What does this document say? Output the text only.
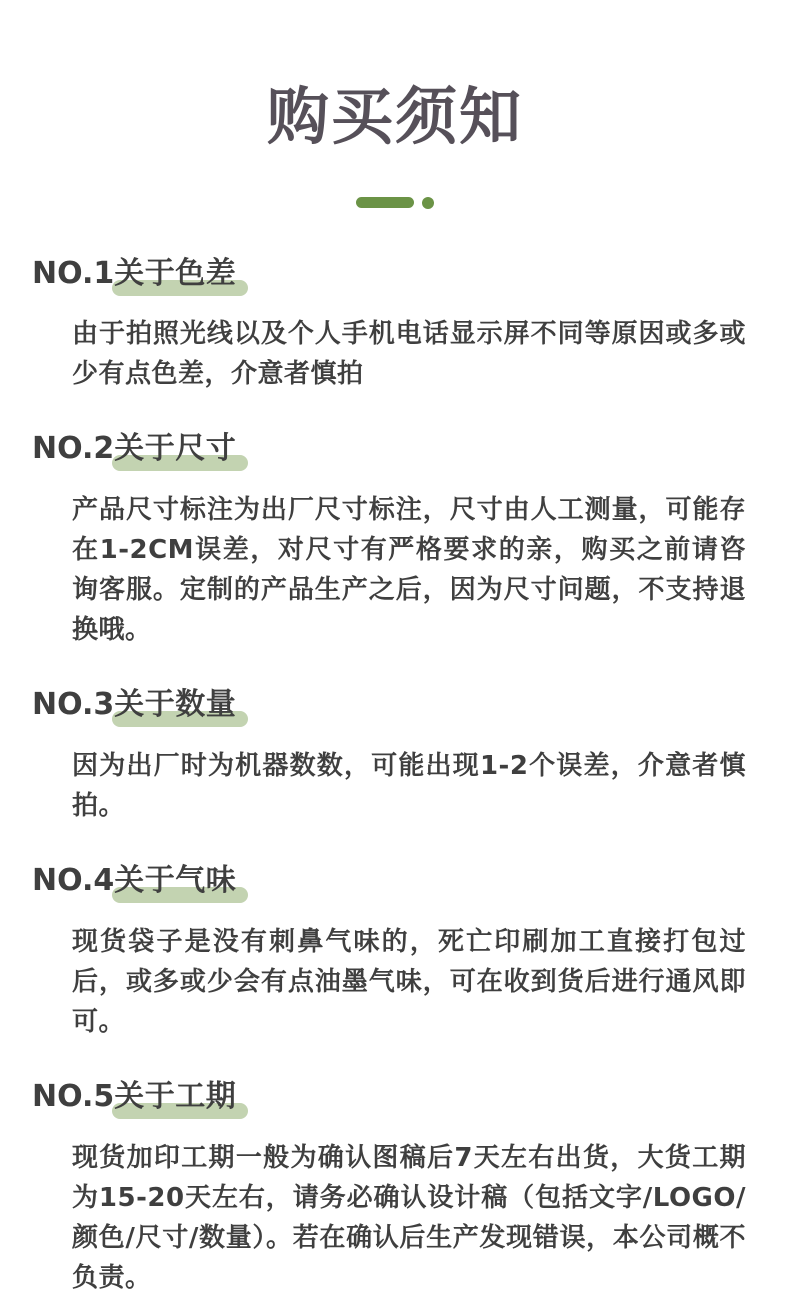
购买须知
NO.1关于色差

由于拍照光线以及个人手机电话显示屏不同等原因或多或少有点色差，介意者慎拍

NO.2关于尺寸

产品尺寸标注为出厂尺寸标注，尺寸由人工测量，可能存在1-2CM误差，对尺寸有严格要求的亲，购买之前请咨询客服。定制的产品生产之后，因为尺寸问题，不支持退换哦。

NO.3关于数量

因为出厂时为机器数数，可能出现1-2个误差，介意者慎拍。

NO.4关于气味

现货袋子是没有刺鼻气味的，死亡印刷加工直接打包过后，或多或少会有点油墨气味，可在收到货后进行通风即可。

NO.5关于工期

现货加印工期一般为确认图稿后7天左右出货，大货工期为15-20天左右，请务必确认设计稿（包括文字/LOGO/颜色/尺寸/数量）。若在确认后生产发现错误，本公司概不负责。
